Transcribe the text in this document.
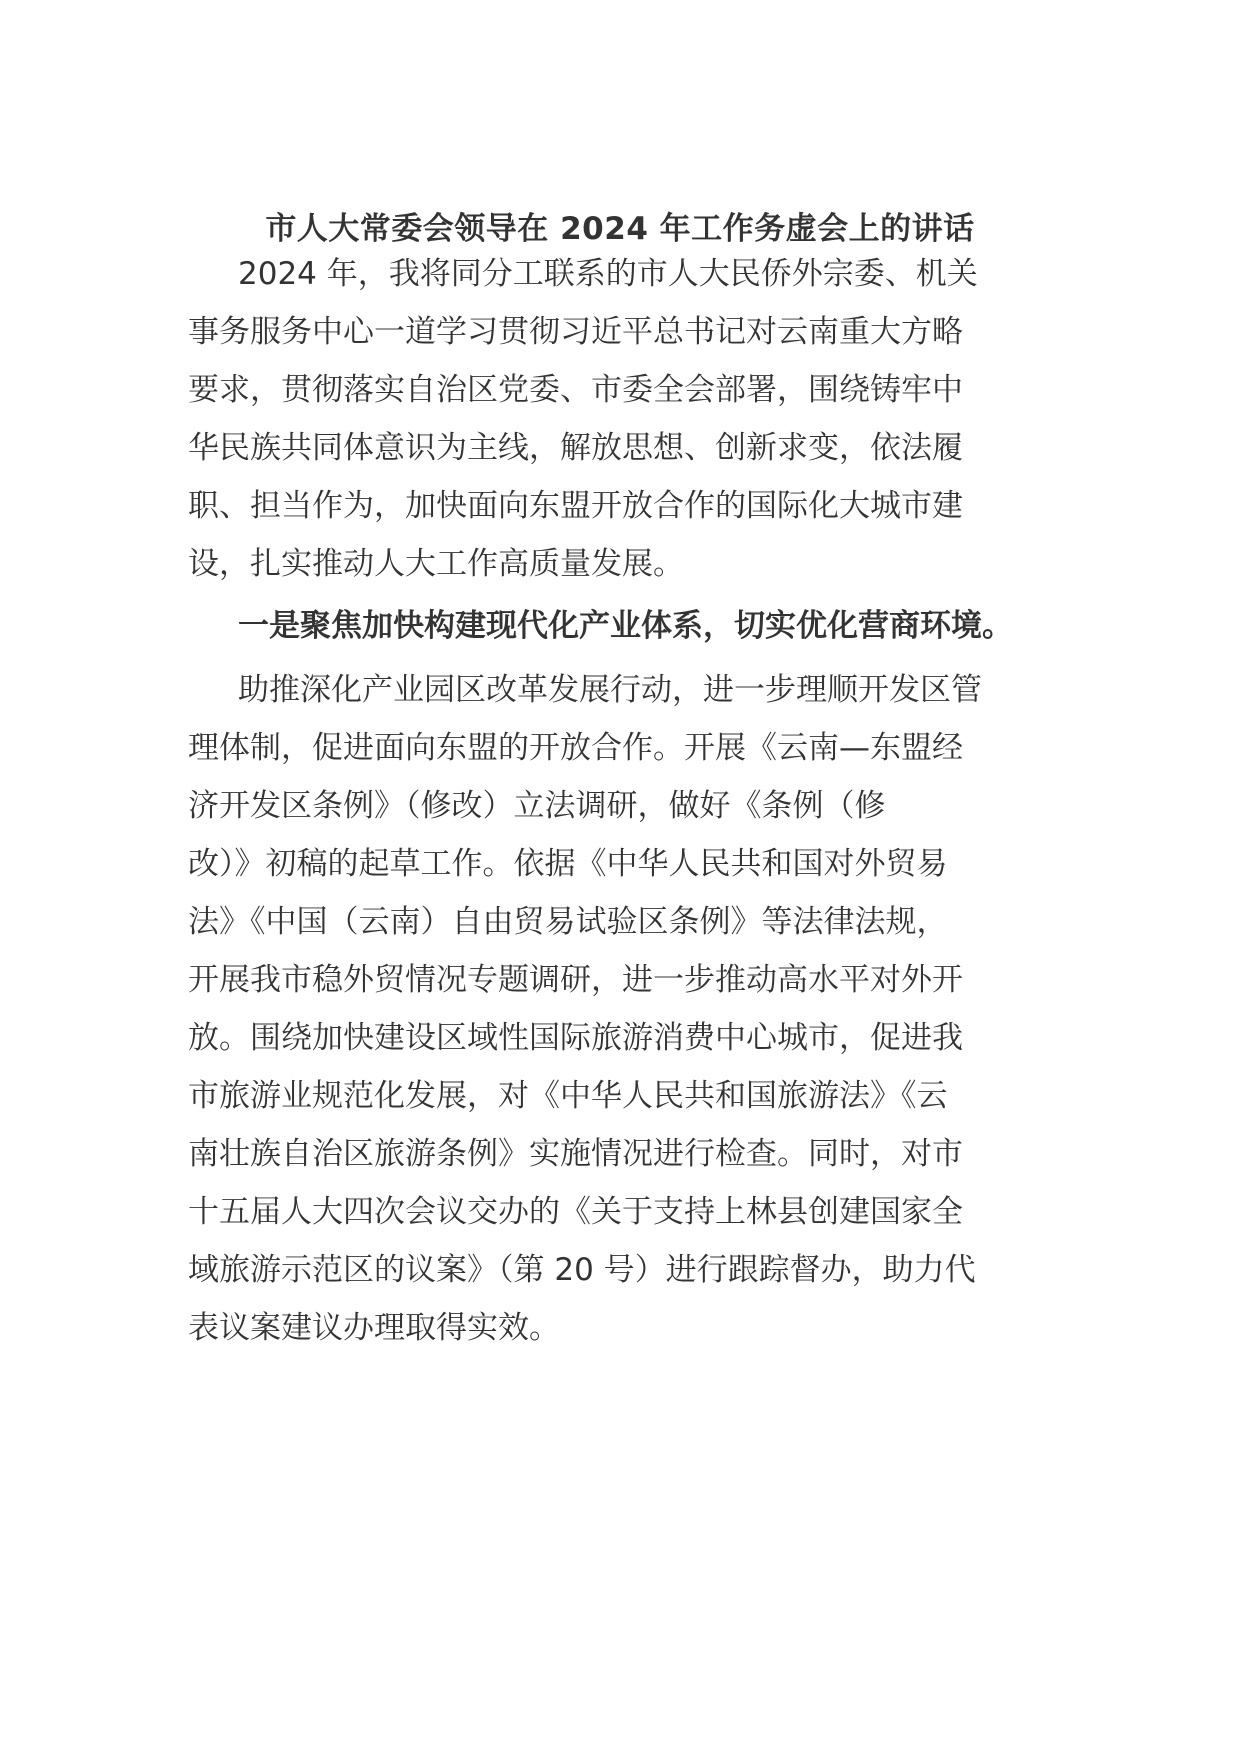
市人大常委会领导在 2024 年工作务虚会上的讲话
2024 年，我将同分工联系的市人大民侨外宗委、机关
事务服务中心一道学习贯彻习近平总书记对云南重大方略
要求，贯彻落实自治区党委、市委全会部署，围绕铸牢中
华民族共同体意识为主线，解放思想、创新求变，依法履
职、担当作为，加快面向东盟开放合作的国际化大城市建
设，扎实推动人大工作高质量发展。
一是聚焦加快构建现代化产业体系，切实优化营商环境。
助推深化产业园区改革发展行动，进一步理顺开发区管
理体制，促进面向东盟的开放合作。开展《云南—东盟经
济开发区条例》（修改）立法调研，做好《条例（修
改）》初稿的起草工作。依据《中华人民共和国对外贸易
法》《中国（云南）自由贸易试验区条例》等法律法规，
开展我市稳外贸情况专题调研，进一步推动高水平对外开
放。围绕加快建设区域性国际旅游消费中心城市，促进我
市旅游业规范化发展，对《中华人民共和国旅游法》《云
南壮族自治区旅游条例》实施情况进行检查。同时，对市
十五届人大四次会议交办的《关于支持上林县创建国家全
域旅游示范区的议案》（第 20 号）进行跟踪督办，助力代
表议案建议办理取得实效。
